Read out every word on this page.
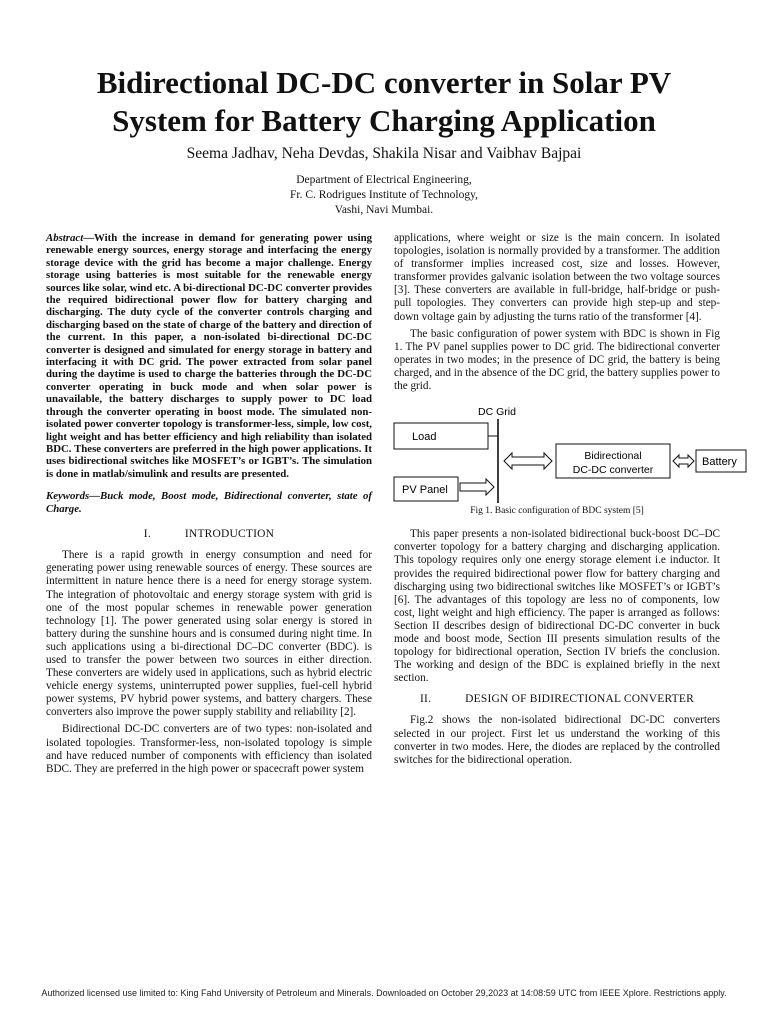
Bidirectional DC-DC converter in Solar PV
System for Battery Charging Application
Seema Jadhav, Neha Devdas, Shakila Nisar and Vaibhav Bajpai
Department of Electrical Engineering,
Fr. C. Rodrigues Institute of Technology,
Vashi, Navi Mumbai.

Abstract—With the increase in demand for generating power using renewable energy sources, energy storage and interfacing the energy storage device with the grid has become a major challenge. Energy storage using batteries is most suitable for the renewable energy sources like solar, wind etc. A bi-directional DC-DC converter provides the required bidirectional power flow for battery charging and discharging. The duty cycle of the converter controls charging and discharging based on the state of charge of the battery and direction of the current. In this paper, a non-isolated bi-directional DC-DC converter is designed and simulated for energy storage in battery and interfacing it with DC grid. The power extracted from solar panel during the daytime is used to charge the batteries through the DC-DC converter operating in buck mode and when solar power is unavailable, the battery discharges to supply power to DC load through the converter operating in boost mode. The simulated non-isolated power converter topology is transformer-less, simple, low cost, light weight and has better efficiency and high reliability than isolated BDC. These converters are preferred in the high power applications. It uses bidirectional switches like MOSFET’s or IGBT’s. The simulation is done in matlab/simulink and results are presented.

Keywords—Buck mode, Boost mode, Bidirectional converter, state of Charge.

I.	INTRODUCTION

There is a rapid growth in energy consumption and need for generating power using renewable sources of energy. These sources are intermittent in nature hence there is a need for energy storage system. The integration of photovoltaic and energy storage system with grid is one of the most popular schemes in renewable power generation technology [1]. The power generated using solar energy is stored in battery during the sunshine hours and is consumed during night time. In such applications using a bi-directional DC–DC converter (BDC). is used to transfer the power between two sources in either direction. These converters are widely used in applications, such as hybrid electric vehicle energy systems, uninterrupted power supplies, fuel-cell hybrid power systems, PV hybrid power systems, and battery chargers. These converters also improve the power supply stability and reliability [2].

Bidirectional DC-DC converters are of two types: non-isolated and isolated topologies. Transformer-less, non-isolated topology is simple and have reduced number of components with efficiency than isolated BDC. They are preferred in the high power or spacecraft power system

applications, where weight or size is the main concern. In isolated topologies, isolation is normally provided by a transformer. The addition of transformer implies increased cost, size and losses. However, transformer provides galvanic isolation between the two voltage sources [3]. These converters are available in full-bridge, half-bridge or push-pull topologies. They converters can provide high step-up and step-down voltage gain by adjusting the turns ratio of the transformer [4].

The basic configuration of power system with BDC is shown in Fig 1. The PV panel supplies power to DC grid. The bidirectional converter operates in two modes; in the presence of DC grid, the battery is being charged, and in the absence of the DC grid, the battery supplies power to the grid.

DC Grid
Load
PV Panel
Bidirectional
DC-DC converter
Battery
Fig 1. Basic configuration of BDC system [5]

This paper presents a non-isolated bidirectional buck-boost DC–DC converter topology for a battery charging and discharging application. This topology requires only one energy storage element i.e inductor. It provides the required bidirectional power flow for battery charging and discharging using two bidirectional switches like MOSFET’s or IGBT’s [6]. The advantages of this topology are less no of components, low cost, light weight and high efficiency. The paper is arranged as follows: Section II describes design of bidirectional DC-DC converter in buck mode and boost mode, Section III presents simulation results of the topology for bidirectional operation, Section IV briefs the conclusion. The working and design of the BDC is explained briefly in the next section.

II.	DESIGN OF BIDIRECTIONAL CONVERTER

Fig.2 shows the non-isolated bidirectional DC-DC converters selected in our project. First let us understand the working of this converter in two modes. Here, the diodes are replaced by the controlled switches for the bidirectional operation.

Authorized licensed use limited to: King Fahd University of Petroleum and Minerals. Downloaded on October 29,2023 at 14:08:59 UTC from IEEE Xplore. Restrictions apply.
